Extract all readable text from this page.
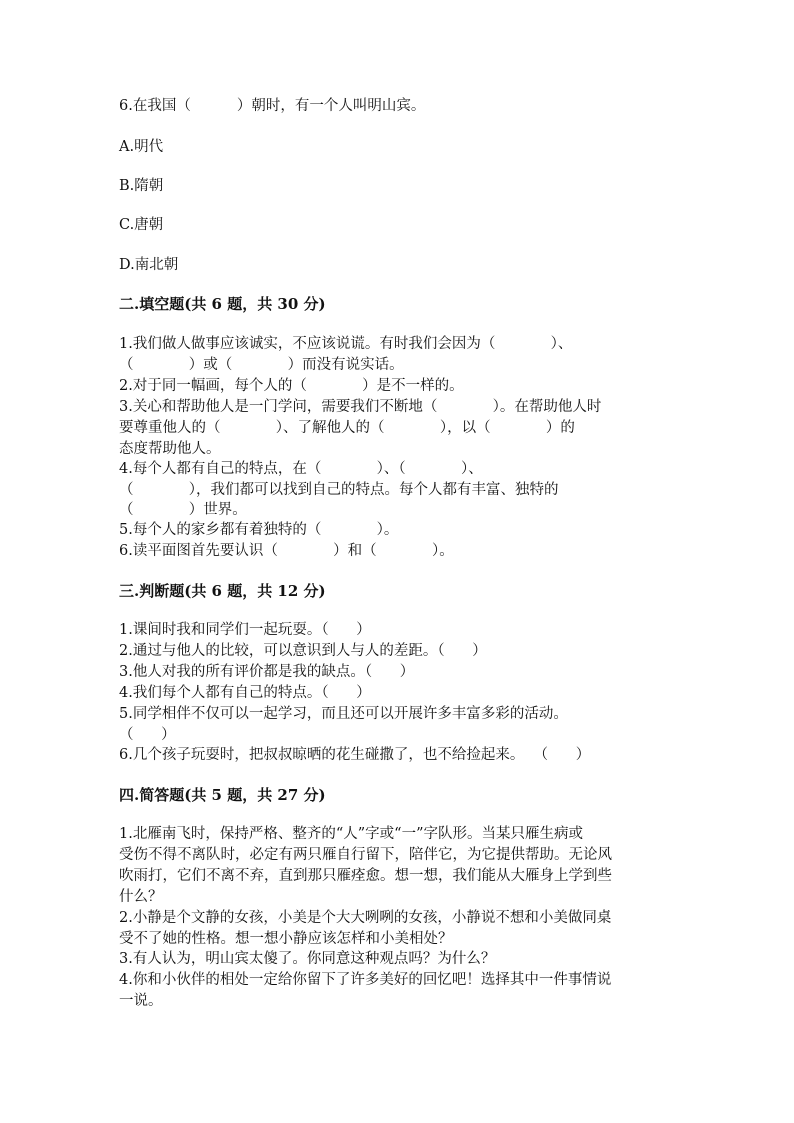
6.在我国（          ）朝时，有一个人叫明山宾。
A.明代
B.隋朝
C.唐朝
D.南北朝
二.填空题(共 6 题，共 30 分)
1.我们做人做事应该诚实，不应该说谎。有时我们会因为（            ）、
（            ）或（            ）而没有说实话。
2.对于同一幅画，每个人的（            ）是不一样的。
3.关心和帮助他人是一门学问，需要我们不断地（            ）。在帮助他人时
要尊重他人的（            ）、了解他人的（            ），以（            ）的
态度帮助他人。
4.每个人都有自己的特点，在（            ）、（            ）、
（            ），我们都可以找到自己的特点。每个人都有丰富、独特的
（            ）世界。
5.每个人的家乡都有着独特的（            ）。
6.读平面图首先要认识（            ）和（            ）。
三.判断题(共 6 题，共 12 分)
1.课间时我和同学们一起玩耍。（      ）
2.通过与他人的比较，可以意识到人与人的差距。（      ）
3.他人对我的所有评价都是我的缺点。（      ）
4.我们每个人都有自己的特点。（      ）
5.同学相伴不仅可以一起学习，而且还可以开展许多丰富多彩的活动。
（      ）
6.几个孩子玩耍时，把叔叔晾晒的花生碰撒了，也不给捡起来。  （      ）
四.简答题(共 5 题，共 27 分)
1.北雁南飞时，保持严格、整齐的“人”字或“一”字队形。当某只雁生病或
受伤不得不离队时，必定有两只雁自行留下，陪伴它，为它提供帮助。无论风
吹雨打，它们不离不弃，直到那只雁痊愈。想一想，我们能从大雁身上学到些
什么？
2.小静是个文静的女孩，小美是个大大咧咧的女孩，小静说不想和小美做同桌
受不了她的性格。想一想小静应该怎样和小美相处？
3.有人认为，明山宾太傻了。你同意这种观点吗？为什么？
4.你和小伙伴的相处一定给你留下了许多美好的回忆吧！选择其中一件事情说
一说。
